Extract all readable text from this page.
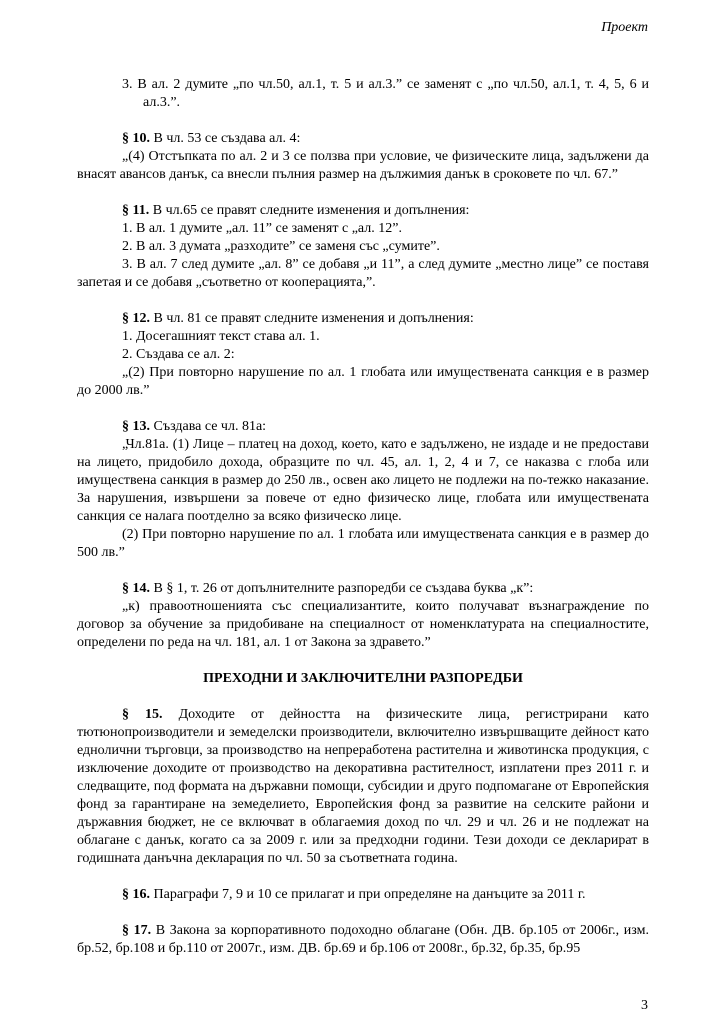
Проект

3. В ал. 2 думите „по чл.50, ал.1, т. 5 и ал.3.” се заменят с „по чл.50, ал.1, т. 4, 5, 6 и ал.3.”.

§ 10. В чл. 53 се създава ал. 4:

„(4) Отстъпката по ал. 2 и 3 се ползва при условие, че физическите лица, задължени да внасят авансов данък, са внесли пълния размер на дължимия данък в сроковете по чл. 67.”

§ 11. В чл.65 се правят следните изменения и допълнения:

1. В ал. 1 думите „ал. 11” се заменят с „ал. 12”.

2. В ал. 3 думата „разходите” се заменя със „сумите”.

3. В ал. 7 след думите „ал. 8” се добавя „и 11”, а след думите „местно лице” се поставя запетая и се добавя „съответно от кооперацията,”.

§ 12. В чл. 81 се правят следните изменения и допълнения:

1. Досегашният текст става ал. 1.

2. Създава се ал. 2:

„(2) При повторно нарушение по ал. 1 глобата или имуществената санкция е в размер до 2000 лв.”

§ 13. Създава се чл. 81а:

„Чл.81а. (1) Лице – платец на доход, което, като е задължено, не издаде и не предостави на лицето, придобило дохода, образците по чл. 45, ал. 1, 2, 4 и 7, се наказва с глоба или имуществена санкция в размер до 250 лв., освен ако лицето не подлежи на по-тежко наказание. За нарушения, извършени за повече от едно физическо лице, глобата или имуществената санкция се налага поотделно за всяко физическо лице.

(2) При повторно нарушение по ал. 1 глобата или имуществената санкция е в размер до 500 лв.”

§ 14. В § 1, т. 26 от допълнителните разпоредби се създава буква „к”:

„к) правоотношенията със специализантите, които получават възнаграждение по договор за обучение за придобиване на специалност от номенклатурата на специалностите, определени по реда на чл. 181, ал. 1 от Закона за здравето.”

ПРЕХОДНИ И ЗАКЛЮЧИТЕЛНИ РАЗПОРЕДБИ

§ 15. Доходите от дейността на физическите лица, регистрирани като тютюнопроизводители и земеделски производители, включително извършващите дейност като еднолични търговци, за производство на непреработена растителна и животинска продукция, с изключение доходите от производство на декоративна растителност, изплатени през 2011 г. и следващите, под формата на държавни помощи, субсидии и друго подпомагане от Европейския фонд за гарантиране на земеделието, Европейския фонд за развитие на селските райони и държавния бюджет, не се включват в облагаемия доход по чл. 29 и чл. 26 и не подлежат на облагане с данък, когато са за 2009 г. или за предходни години. Тези доходи се декларират в годишната данъчна декларация по чл. 50 за съответната година.

§ 16. Параграфи 7, 9 и 10 се прилагат и при определяне на данъците за 2011 г.

§ 17. В Закона за корпоративното подоходно облагане (Обн. ДВ. бр.105 от 2006г., изм. бр.52, бр.108 и бр.110 от 2007г., изм. ДВ. бр.69 и бр.106 от 2008г., бр.32, бр.35, бр.95

3
